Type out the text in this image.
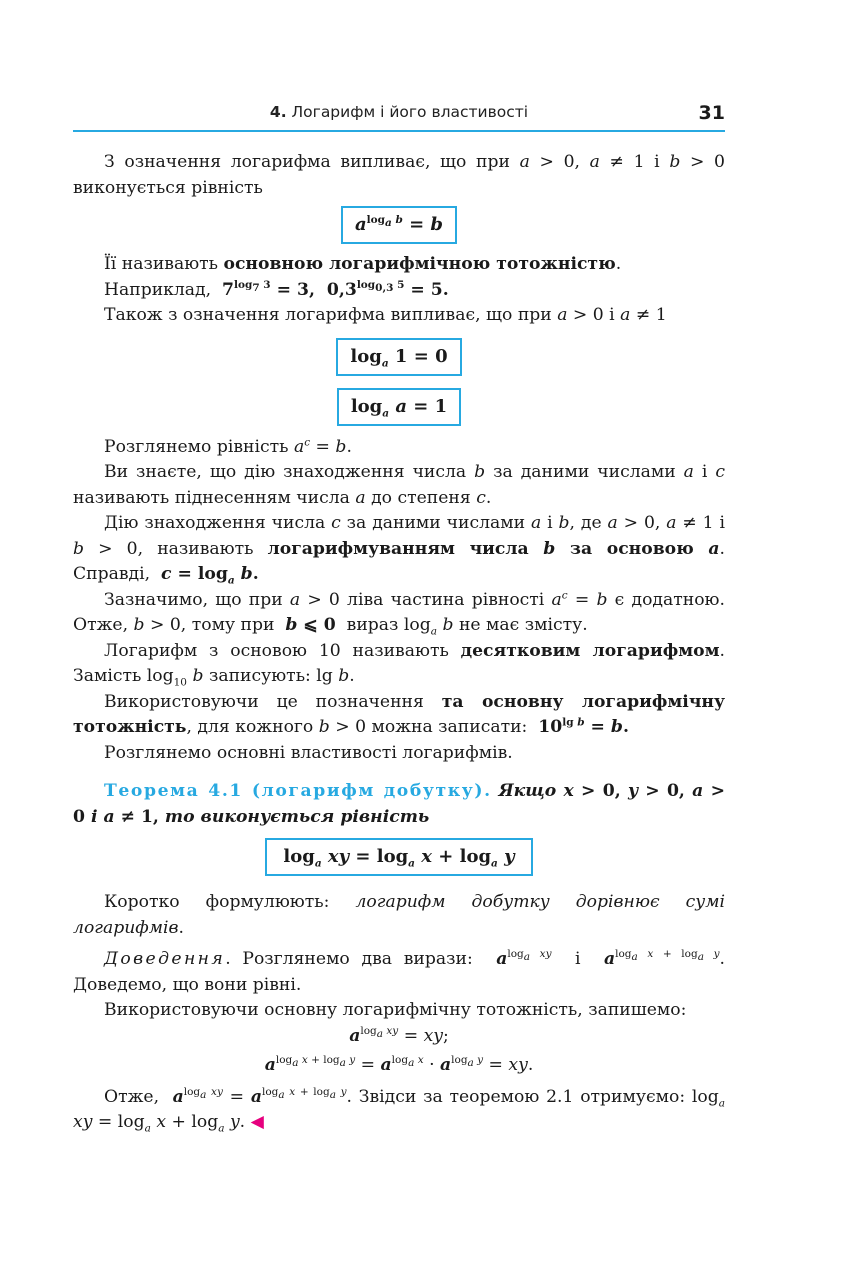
4. Логарифм і його властивості	31

З означення логарифма випливає, що при a > 0, a ≠ 1 і b > 0

виконується рівність

$a^{log_a b} = b$

Її називають основною логарифмічною тотожністю.

Наприклад,  $7^{log_7 3} = 3$,  $0,3^{log_{0,3} 5} = 5$.

Також з означення логарифма випливає, що при a > 0 і a ≠ 1

$\log_a 1 = 0$
$\log_a a = 1$

Розглянемо рівність $a^c = b$.

Ви знаєте, що дію знаходження числа b за даними числами a і c називають піднесенням числа a до степеня c.

Дію знаходження числа c за даними числами a і b, де a > 0, a ≠ 1 і b > 0, називають логарифмуванням числа b за основою a. Справді,  $c = \log_a b$.

Зазначимо, що при a > 0 ліва частина рівності $a^c = b$ є додатною. Отже, b > 0, тому при  b ⩽ 0  вираз $\log_a b$ не має змісту.

Логарифм з основою 10 називають десятковим логарифмом. Замість $\log_{10} b$ записують: lg b.

Використовуючи це позначення та основну логарифмічну тотожність, для кожного b > 0 можна записати:  $10^{lg b} = b$.

Розглянемо основні властивості логарифмів.

Теорема 4.1 (логарифм добутку). Якщо x > 0, y > 0, a > 0 і a ≠ 1, то виконується рівність

$\log_a$ xy = $\log_a x + \log_a y$

Коротко формулюють: логарифм добутку дорівнює сумі логарифмів.

Доведення. Розглянемо два вирази:  $a^{log_a xy}$  і  $a^{log_a x + log_a y}$. Доведемо, що вони рівні.

Використовуючи основну логарифмічну тотожність, запишемо:

$a^{log_a xy}$ = xy;

$a^{log_a x + log_a y} = a^{log_a x} \cdot a^{log_a y}$ = xy.

Отже,  $a^{log_a xy} = a^{log_a x + log_a y}$. Звідси за теоремою 2.1 отримуємо: $\log_a$ xy = $\log_a x + \log_a y$. ◀
